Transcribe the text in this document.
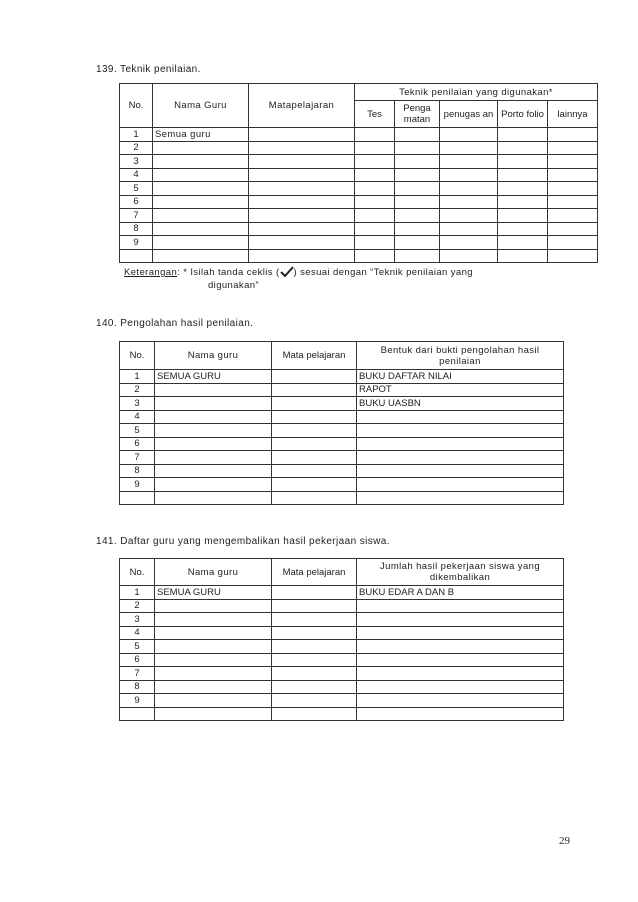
139. Teknik penilaian.
No.	Nama Guru	Matapelajaran	Teknik penilaian yang digunakan*				
			Tes	Penga matan	penugas an	Porto folio	lainnya
1	Semua guru						
2							
3							
4							
5							
6							
7							
8							
9							

Keterangan: * Isilah tanda ceklis ( ) sesuai dengan “Teknik penilaian yang
digunakan”
140. Pengolahan hasil penilaian.
No.	Nama guru	Mata pelajaran	Bentuk dari bukti pengolahan hasil penilaian
1	SEMUA GURU		BUKU DAFTAR NILAI
2			RAPOT
3			BUKU UASBN
4			
5			
6			
7			
8			
9			

141. Daftar guru yang mengembalikan hasil pekerjaan siswa.
No.	Nama guru	Mata pelajaran	Jumlah hasil pekerjaan siswa yang dikembalikan
1	SEMUA GURU		BUKU EDAR A DAN B
2			
3			
4			
5			
6			
7			
8			
9			

29
